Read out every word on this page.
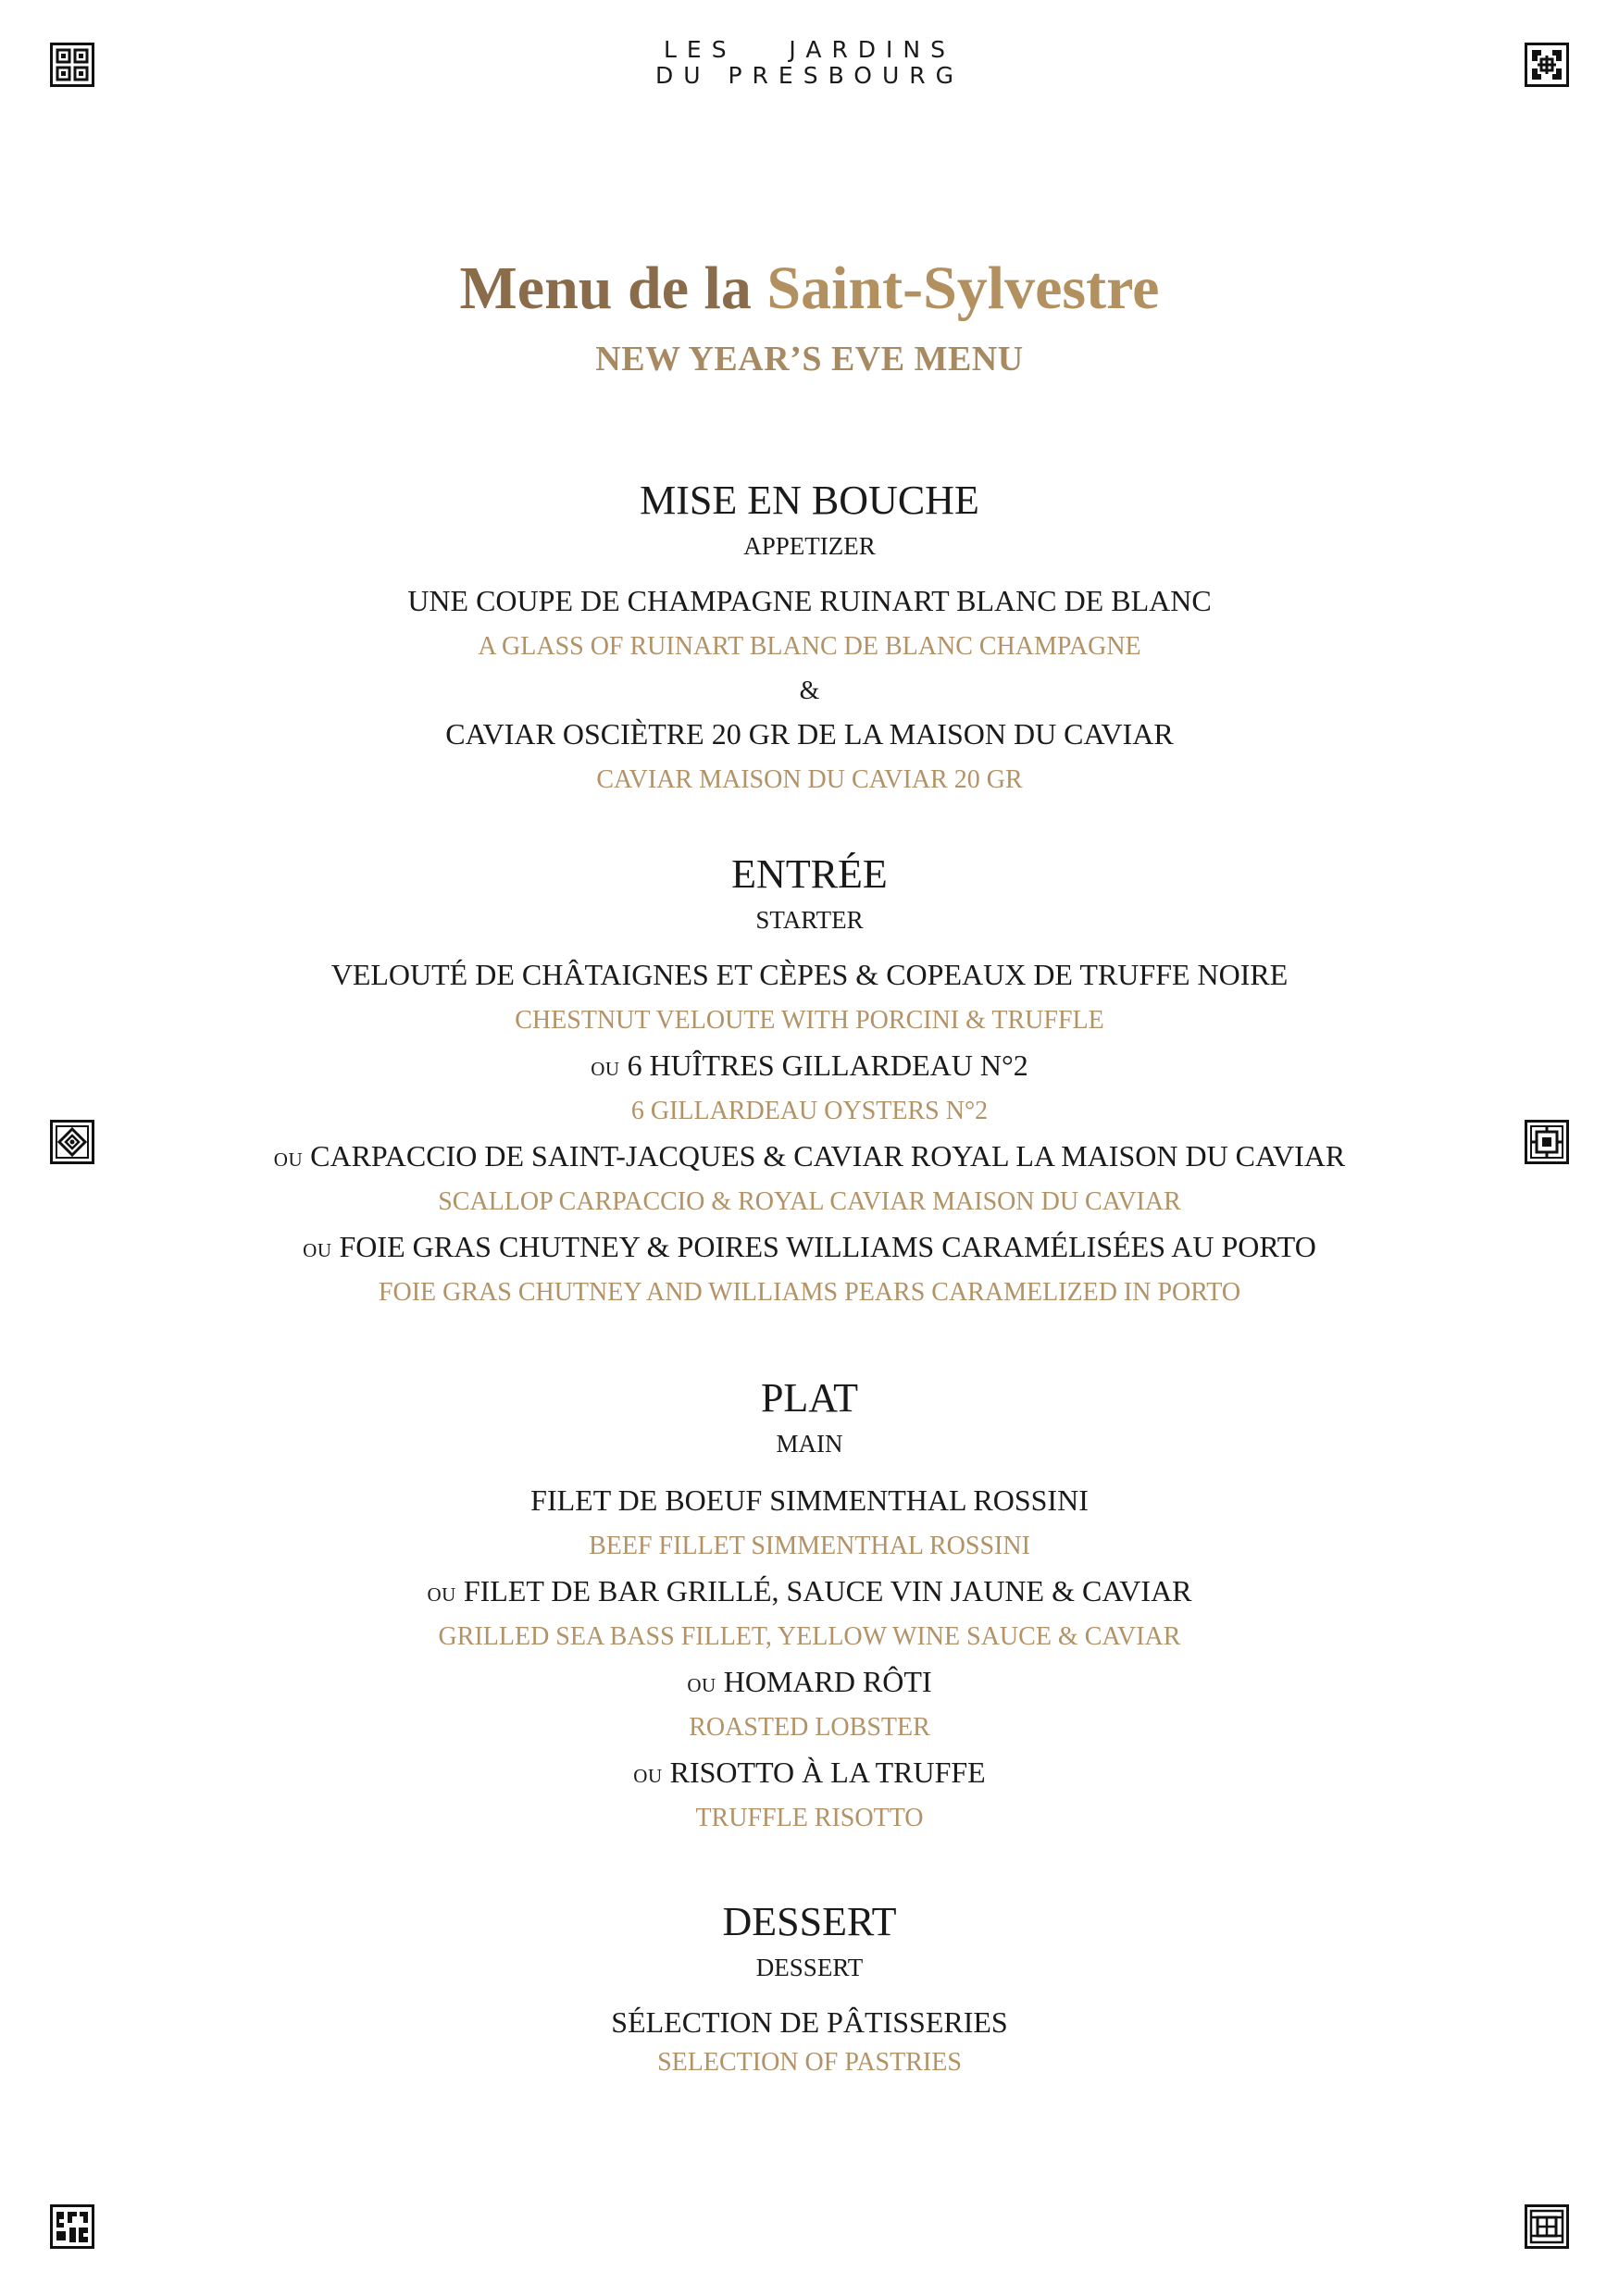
LES   JARDINS
DU PRESBOURG
Menu de la Saint-Sylvestre
NEW YEAR’S EVE MENU
MISE EN BOUCHE
APPETIZER
UNE COUPE DE CHAMPAGNE RUINART BLANC DE BLANC
A GLASS OF RUINART BLANC DE BLANC CHAMPAGNE
&
CAVIAR OSCIÈTRE 20 GR DE LA MAISON DU CAVIAR
CAVIAR MAISON DU CAVIAR 20 GR
ENTRÉE
STARTER
VELOUTÉ DE CHÂTAIGNES ET CÈPES & COPEAUX DE TRUFFE NOIRE
CHESTNUT VELOUTE WITH PORCINI & TRUFFLE
OU 6 HUÎTRES GILLARDEAU N°2
6 GILLARDEAU OYSTERS N°2
OU CARPACCIO DE SAINT-JACQUES & CAVIAR ROYAL LA MAISON DU CAVIAR
SCALLOP CARPACCIO & ROYAL CAVIAR MAISON DU CAVIAR
OU FOIE GRAS CHUTNEY & POIRES WILLIAMS CARAMÉLISÉES AU PORTO
FOIE GRAS CHUTNEY AND WILLIAMS PEARS CARAMELIZED IN PORTO
PLAT
MAIN
FILET DE BOEUF SIMMENTHAL ROSSINI
BEEF FILLET SIMMENTHAL ROSSINI
OU FILET DE BAR GRILLÉ, SAUCE VIN JAUNE & CAVIAR
GRILLED SEA BASS FILLET, YELLOW WINE SAUCE & CAVIAR
OU HOMARD RÔTI
ROASTED LOBSTER
OU RISOTTO À LA TRUFFE
TRUFFLE RISOTTO
DESSERT
DESSERT
SÉLECTION DE PÂTISSERIES
SELECTION OF PASTRIES
